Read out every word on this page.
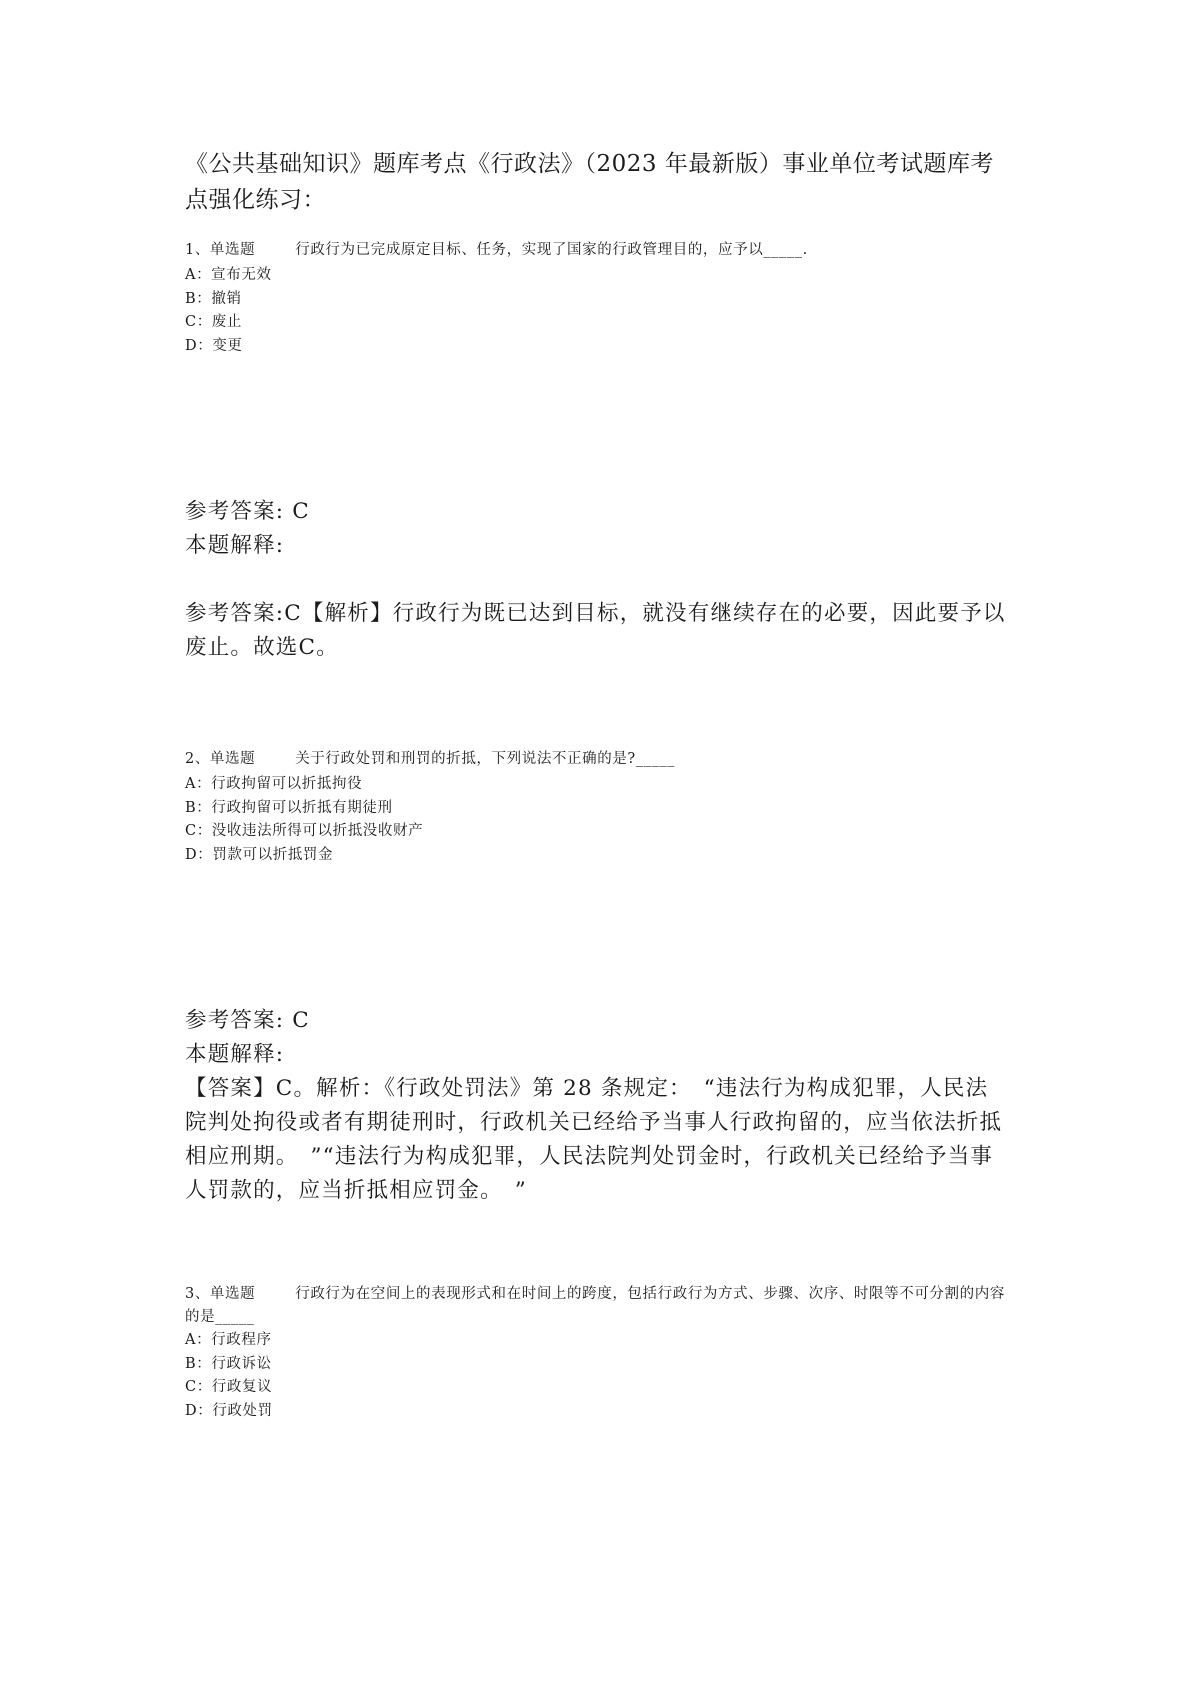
《公共基础知识》题库考点《行政法》（2023 年最新版）事业单位考试题库考点强化练习：

1、单选题	行政行为已完成原定目标、任务，实现了国家的行政管理目的，应予以_____.

A：宣布无效

B：撤销

C：废止

D：变更

参考答案: C

本题解释:

参考答案:C【解析】行政行为既已达到目标，就没有继续存在的必要，因此要予以废止。故选C。

2、单选题	关于行政处罚和刑罚的折抵，下列说法不正确的是?_____

A：行政拘留可以折抵拘役

B：行政拘留可以折抵有期徒刑

C：没收违法所得可以折抵没收财产

D：罚款可以折抵罚金

参考答案: C

本题解释:

【答案】C。解析：《行政处罚法》第 28 条规定：　“违法行为构成犯罪，人民法院判处拘役或者有期徒刑时，行政机关已经给予当事人行政拘留的，应当依法折抵相应刑期。　”“违法行为构成犯罪，人民法院判处罚金时，行政机关已经给予当事人罚款的，应当折抵相应罚金。　”

3、单选题	行政行为在空间上的表现形式和在时间上的跨度，包括行政行为方式、步骤、次序、时限等不可分割的内容的是_____

A：行政程序

B：行政诉讼

C：行政复议

D：行政处罚
